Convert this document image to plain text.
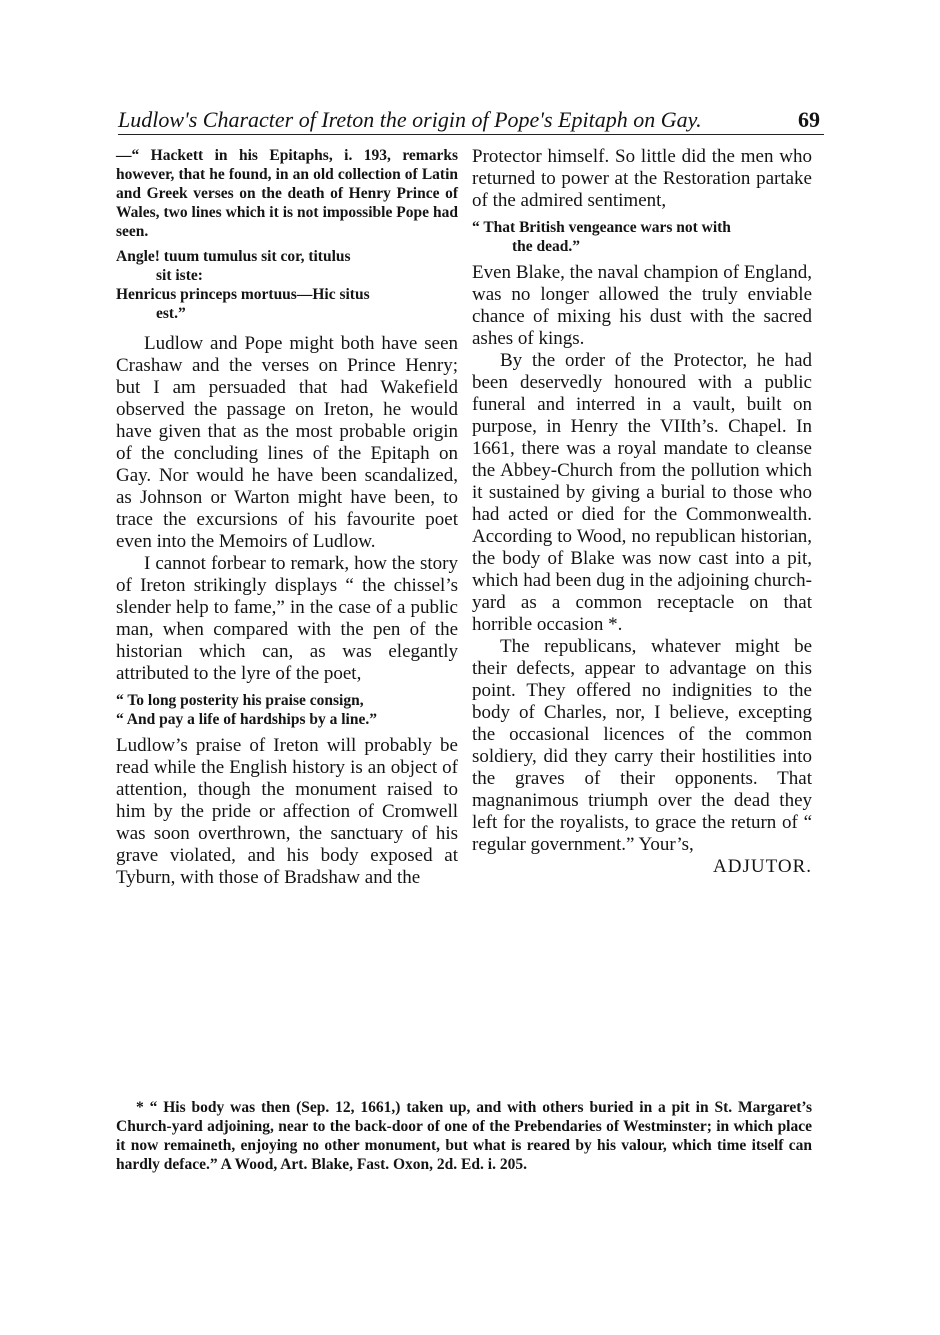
Ludlow's Character of Ireton the origin of Pope's Epitaph on Gay.	69

—“ Hackett in his Epitaphs, i. 193, remarks however, that he found, in an old collection of Latin and Greek verses on the death of Henry Prince of Wales, two lines which it is not impossible Pope had seen.

Angle! tuum tumulus sit cor, titulus
sit iste:
Henricus princeps mortuus—Hic situs
est.”

Ludlow and Pope might both have seen Crashaw and the verses on Prince Henry; but I am persuaded that had Wakefield observed the passage on Ireton, he would have given that as the most probable origin of the concluding lines of the Epitaph on Gay. Nor would he have been scandalized, as Johnson or Warton might have been, to trace the excursions of his favourite poet even into the Memoirs of Ludlow.

I cannot forbear to remark, how the story of Ireton strikingly displays “ the chissel’s slender help to fame,” in the case of a public man, when compared with the pen of the historian which can, as was elegantly attributed to the lyre of the poet,

“ To long posterity his praise consign,
“ And pay a life of hardships by a line.”

Ludlow’s praise of Ireton will probably be read while the English history is an object of attention, though the monument raised to him by the pride or affection of Cromwell was soon overthrown, the sanctuary of his grave violated, and his body exposed at Tyburn, with those of Bradshaw and the

Protector himself. So little did the men who returned to power at the Restoration partake of the admired sentiment,

“ That British vengeance wars not with
the dead.”

Even Blake, the naval champion of England, was no longer allowed the truly enviable chance of mixing his dust with the sacred ashes of kings.

By the order of the Protector, he had been deservedly honoured with a public funeral and interred in a vault, built on purpose, in Henry the VIIth’s. Chapel. In 1661, there was a royal mandate to cleanse the Abbey-Church from the pollution which it sustained by giving a burial to those who had acted or died for the Commonwealth. According to Wood, no republican historian, the body of Blake was now cast into a pit, which had been dug in the adjoining church-yard as a common receptacle on that horrible occasion *.

The republicans, whatever might be their defects, appear to advantage on this point. They offered no indignities to the body of Charles, nor, I believe, excepting the occasional licences of the common soldiery, did they carry their hostilities into the graves of their opponents. That magnanimous triumph over the dead they left for the royalists, to grace the return of “ regular government.” Your’s,

ADJUTOR.

* “ His body was then (Sep. 12, 1661,) taken up, and with others buried in a pit in St. Margaret’s Church-yard adjoining, near to the back-door of one of the Prebendaries of Westminster; in which place it now remaineth, enjoying no other monument, but what is reared by his valour, which time itself can hardly deface.” A Wood, Art. Blake, Fast. Oxon, 2d. Ed. i. 205.
